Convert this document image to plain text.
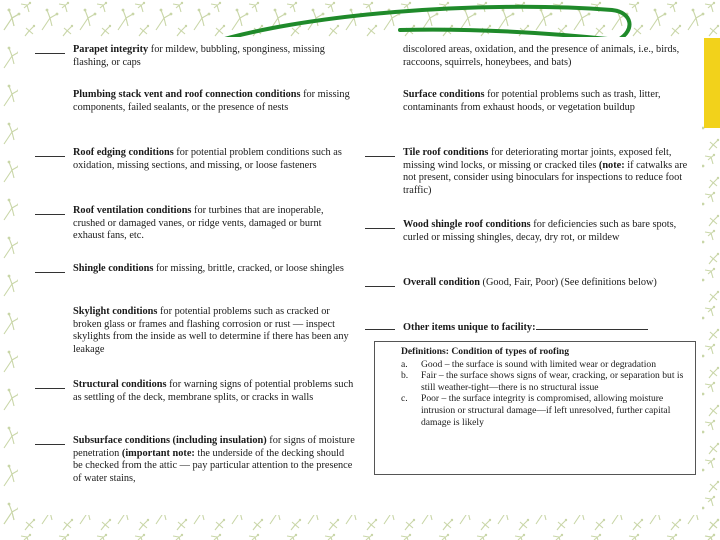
Parapet integrity for mildew, bubbling, sponginess, missing flashing, or caps
Plumbing stack vent and roof connection conditions for missing components, failed sealants, or the presence of nests
Roof edging conditions for potential problem conditions such as oxidation, missing sections, and missing, or loose fasteners
Roof ventilation conditions for turbines that are inoperable, crushed or damaged vanes, or ridge vents, damaged or burnt exhaust fans, etc.
Shingle conditions for missing, brittle, cracked, or loose shingles
Skylight conditions for potential problems such as cracked or broken glass or frames and flashing corrosion or rust — inspect skylights from the inside as well to determine if there has been any leakage
Structural conditions for warning signs of potential problems such as settling of the deck, membrane splits, or cracks in walls
Subsurface conditions (including insulation) for signs of moisture penetration (important note: the underside of the decking should be checked from the attic — pay particular attention to the presence of water stains,
discolored areas, oxidation, and the presence of animals, i.e., birds, raccoons, squirrels, honeybees, and bats)
Surface conditions for potential problems such as trash, litter, contaminants from exhaust hoods, or vegetation buildup
Tile roof conditions for deteriorating mortar joints, exposed felt, missing wind locks, or missing or cracked tiles (note: if catwalks are not present, consider using binoculars for inspections to reduce foot traffic)
Wood shingle roof conditions for deficiencies such as bare spots, curled or missing shingles, decay, dry rot, or mildew
Overall condition (Good, Fair, Poor) (See definitions below)
Other items unique to facility:
Definitions: Condition of types of roofing
a. Good – the surface is sound with limited wear or degradation
b. Fair – the surface shows signs of wear, cracking, or separation but is still weather-tight—there is no structural issue
c. Poor – the surface integrity is compromised, allowing moisture intrusion or structural damage—if left unresolved, further capital damage is likely
